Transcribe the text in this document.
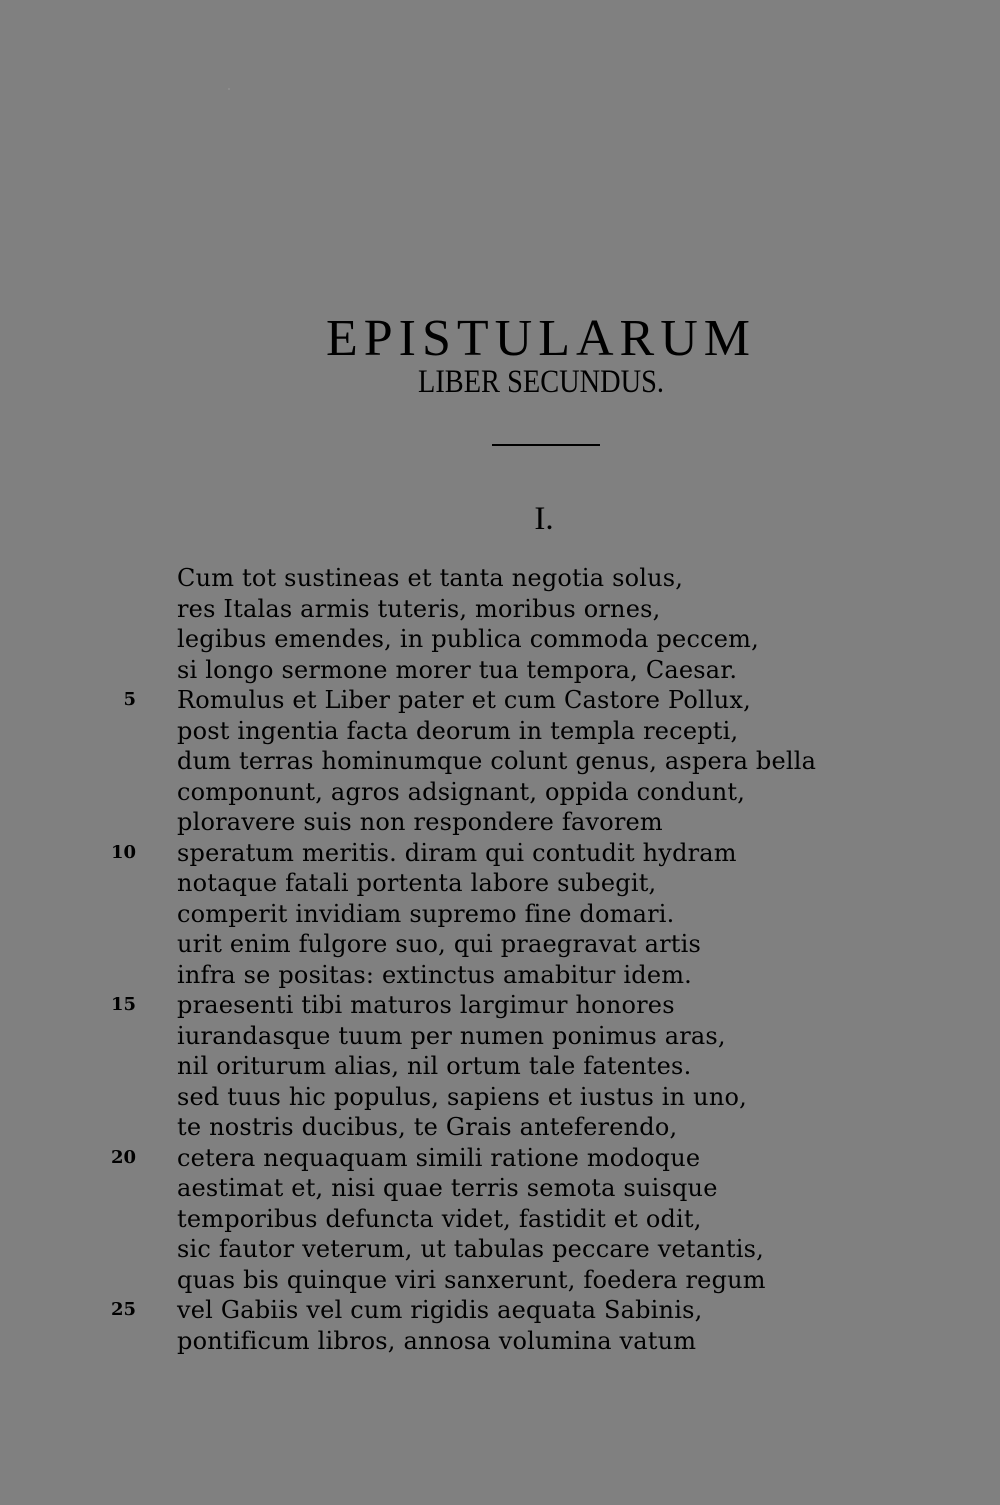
EPISTULARUM
LIBER SECUNDUS.
I.
Cum tot sustineas et tanta negotia solus,
res Italas armis tuteris, moribus ornes,
legibus emendes, in publica commoda peccem,
si longo sermone morer tua tempora, Caesar.
5 Romulus et Liber pater et cum Castore Pollux,
post ingentia facta deorum in templa recepti,
dum terras hominumque colunt genus, aspera bella
componunt, agros adsignant, oppida condunt,
ploravere suis non respondere favorem
10 speratum meritis. diram qui contudit hydram
notaque fatali portenta labore subegit,
comperit invidiam supremo fine domari.
urit enim fulgore suo, qui praegravat artis
infra se positas: extinctus amabitur idem.
15 praesenti tibi maturos largimur honores
iurandasque tuum per numen ponimus aras,
nil oriturum alias, nil ortum tale fatentes.
sed tuus hic populus, sapiens et iustus in uno,
te nostris ducibus, te Grais anteferendo,
20 cetera nequaquam simili ratione modoque
aestimat et, nisi quae terris semota suisque
temporibus defuncta videt, fastidit et odit,
sic fautor veterum, ut tabulas peccare vetantis,
quas bis quinque viri sanxerunt, foedera regum
25 vel Gabiis vel cum rigidis aequata Sabinis,
pontificum libros, annosa volumina vatum
